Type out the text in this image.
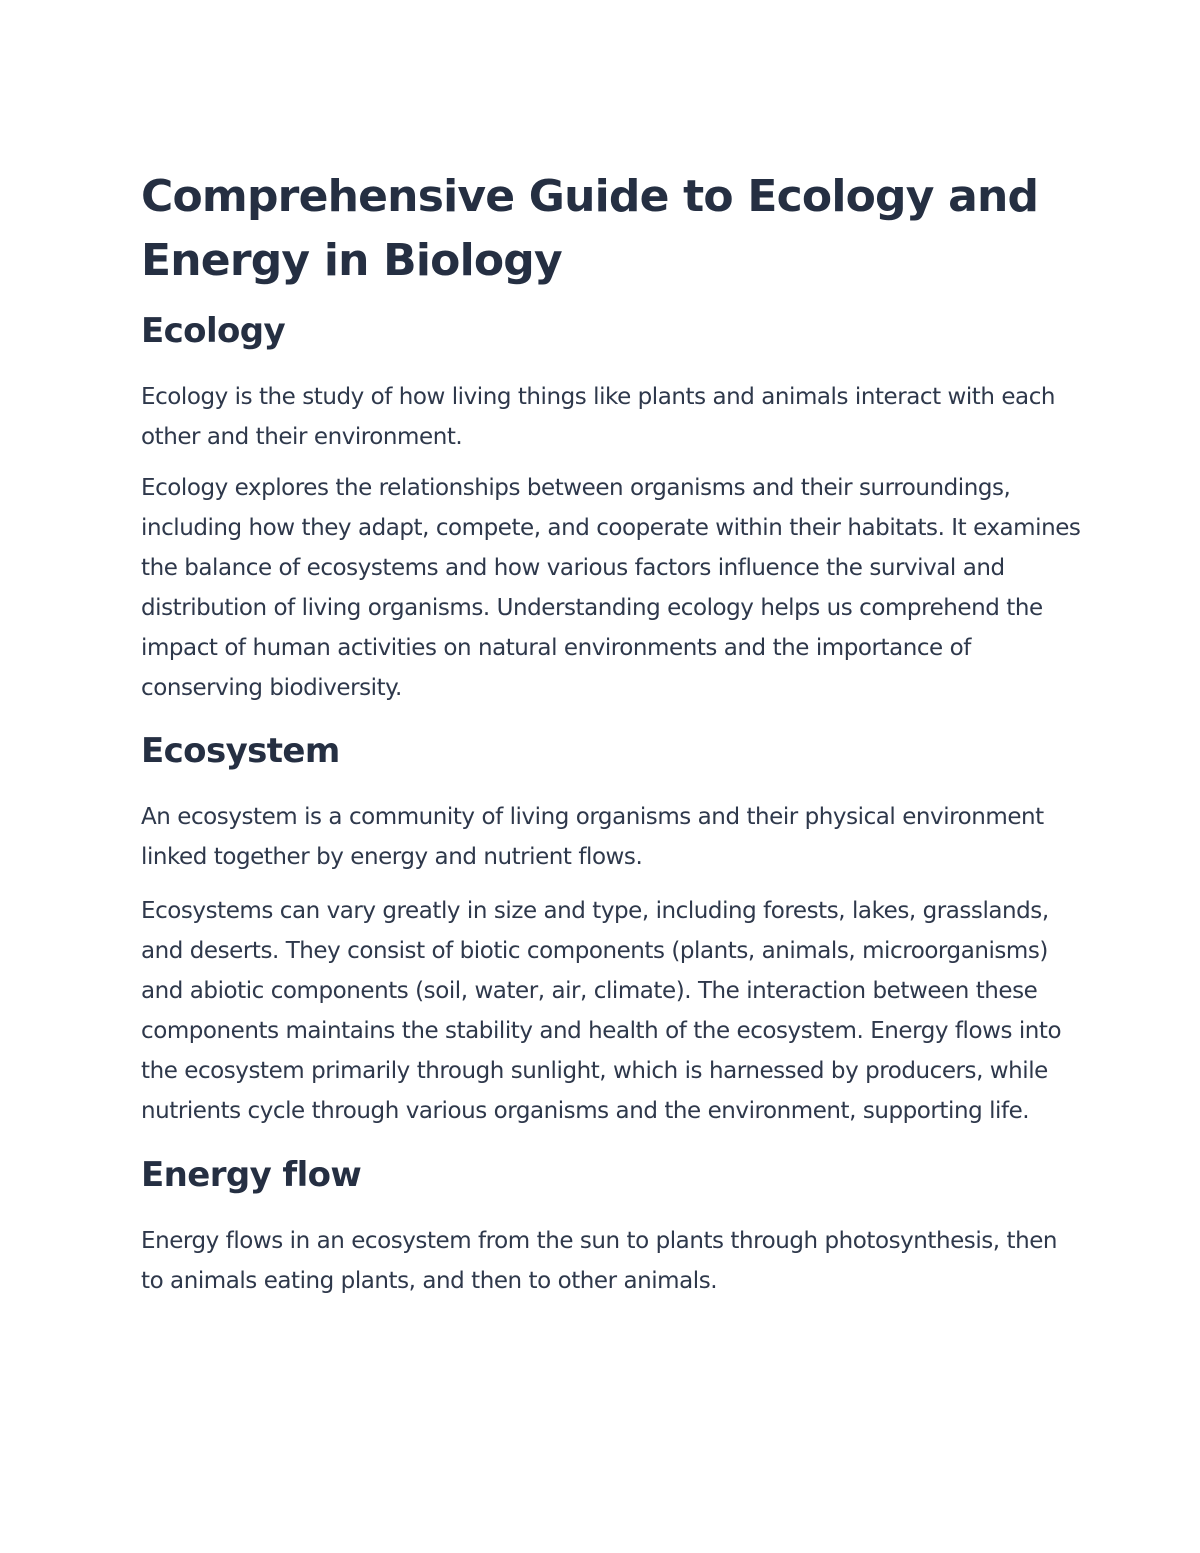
Comprehensive Guide to Ecology and Energy in Biology
Ecology

Ecology is the study of how living things like plants and animals interact with each other and their environment.

Ecology explores the relationships between organisms and their surroundings, including how they adapt, compete, and cooperate within their habitats. It examines the balance of ecosystems and how various factors influence the survival and distribution of living organisms. Understanding ecology helps us comprehend the impact of human activities on natural environments and the importance of conserving biodiversity.

Ecosystem

An ecosystem is a community of living organisms and their physical environment linked together by energy and nutrient flows.

Ecosystems can vary greatly in size and type, including forests, lakes, grasslands, and deserts. They consist of biotic components (plants, animals, microorganisms) and abiotic components (soil, water, air, climate). The interaction between these components maintains the stability and health of the ecosystem. Energy flows into the ecosystem primarily through sunlight, which is harnessed by producers, while nutrients cycle through various organisms and the environment, supporting life.

Energy flow

Energy flows in an ecosystem from the sun to plants through photosynthesis, then to animals eating plants, and then to other animals.
